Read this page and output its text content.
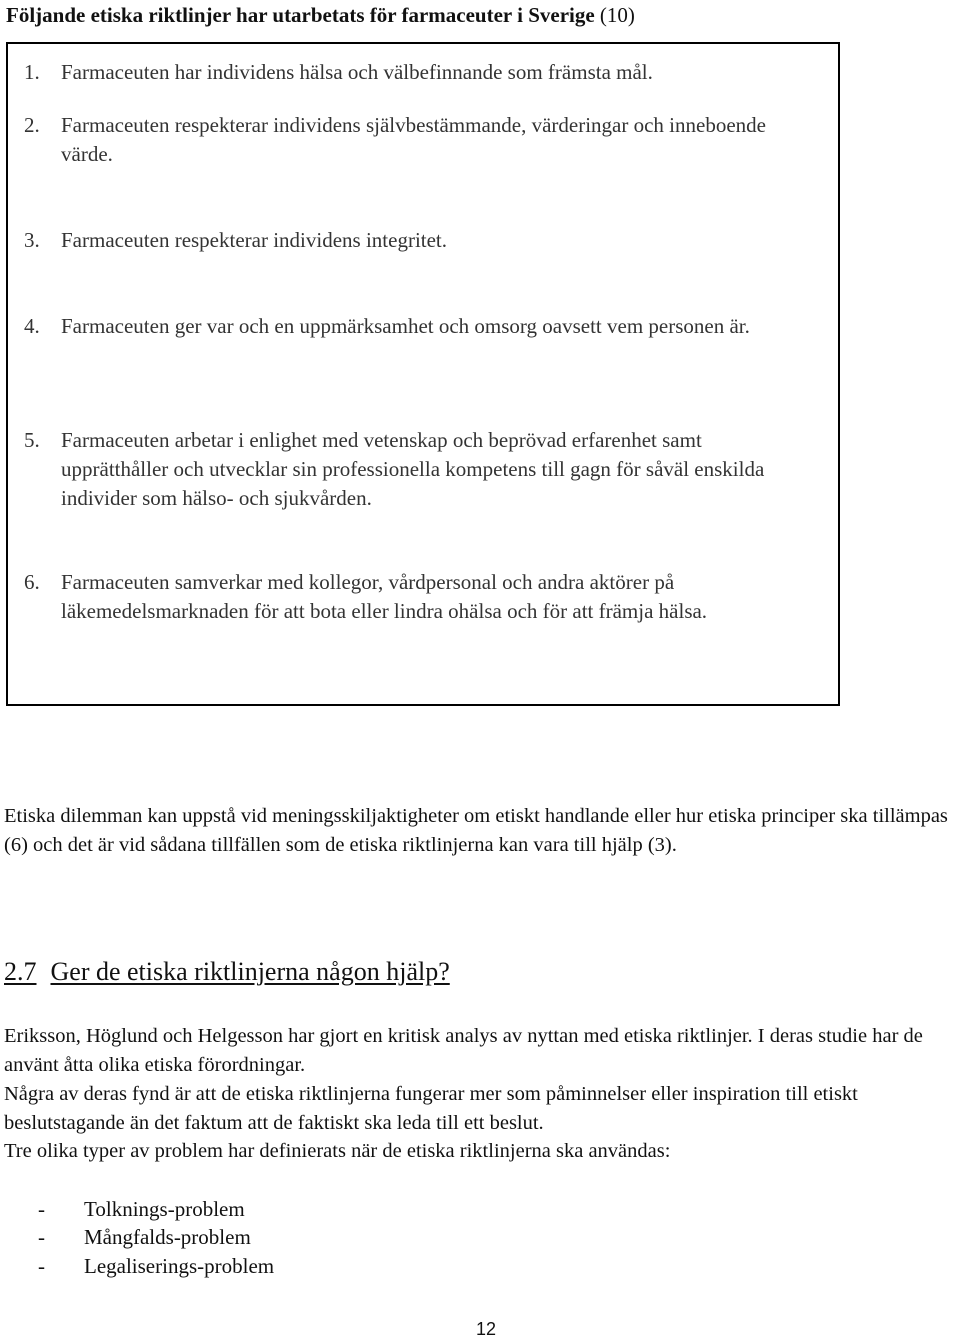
Följande etiska riktlinjer har utarbetats för farmaceuter i Sverige (10)
1. Farmaceuten har individens hälsa och välbefinnande som främsta mål.
2. Farmaceuten respekterar individens självbestämmande, värderingar och inneboende värde.
3. Farmaceuten respekterar individens integritet.
4. Farmaceuten ger var och en uppmärksamhet och omsorg oavsett vem personen är.
5. Farmaceuten arbetar i enlighet med vetenskap och beprövad erfarenhet samt upprätthåller och utvecklar sin professionella kompetens till gagn för såväl enskilda individer som hälso- och sjukvården.
6. Farmaceuten samverkar med kollegor, vårdpersonal och andra aktörer på läkemedelsmarknaden för att bota eller lindra ohälsa och för att främja hälsa.
Etiska dilemman kan uppstå vid meningsskiljaktigheter om etiskt handlande eller hur etiska principer ska tillämpas (6) och det är vid sådana tillfällen som de etiska riktlinjerna kan vara till hjälp (3).
2.7 Ger de etiska riktlinjerna någon hjälp?
Eriksson, Höglund och Helgesson har gjort en kritisk analys av nyttan med etiska riktlinjer. I deras studie har de använt åtta olika etiska förordningar.
Några av deras fynd är att de etiska riktlinjerna fungerar mer som påminnelser eller inspiration till etiskt beslutstagande än det faktum att de faktiskt ska leda till ett beslut.
Tre olika typer av problem har definierats när de etiska riktlinjerna ska användas:
- Tolknings-problem
- Mångfalds-problem
- Legaliserings-problem
12
